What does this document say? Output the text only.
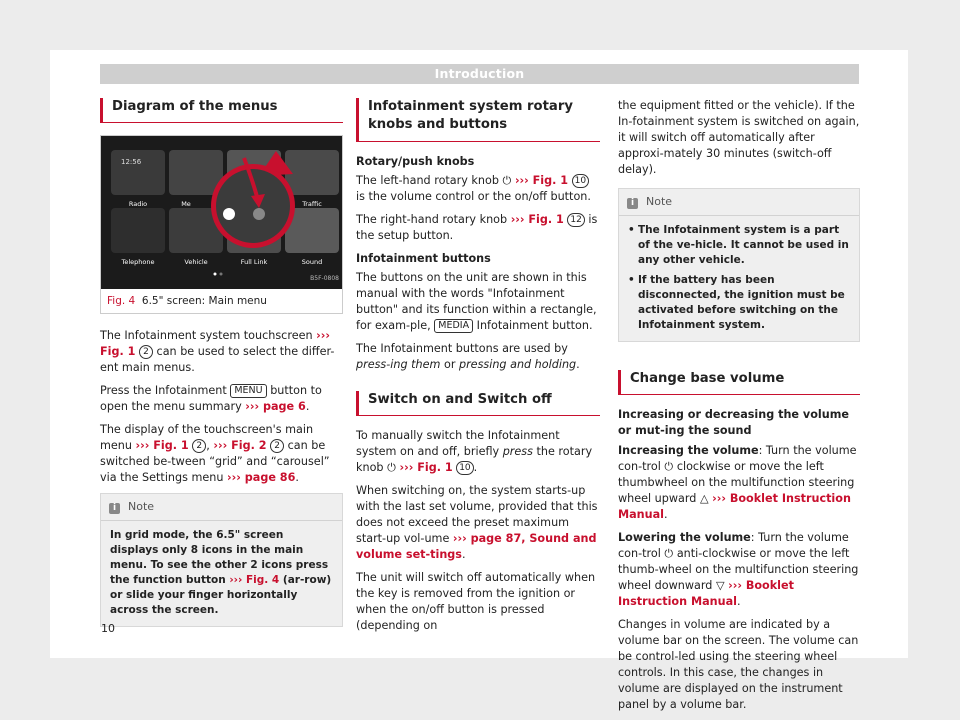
Introduction
Diagram of the menus
12:56
Radio	Me	Traffic
Telephone	Vehicle	Full Link	Sound
B5F-0808
Fig. 4 6.5" screen: Main menu

The Infotainment system touchscreen ››› Fig. 1 2 can be used to select the differ-ent main menus.

Press the Infotainment MENU button to open the menu summary ››› page 6.

The display of the touchscreen's main menu ››› Fig. 1 2 , ››› Fig. 2 2 can be switched be-tween “grid” and “carousel” via the Settings menu ››› page 86.

i Note
In grid mode, the 6.5" screen displays only 8 icons in the main menu. To see the other 2 icons press the function button ››› Fig. 4 (ar-row) or slide your finger horizontally across the screen.
Infotainment system rotary knobs and buttons
Rotary/push knobs

The left-hand rotary knob ⏻ ››› Fig. 1 10 is the volume control or the on/off button.

The right-hand rotary knob ››› Fig. 1 12 is the setup button.

Infotainment buttons

The buttons on the unit are shown in this manual with the words "Infotainment button" and its function within a rectangle, for exam-ple, MEDIA Infotainment button.

The Infotainment buttons are used by press-ing them or pressing and holding.

Switch on and Switch off

To manually switch the Infotainment system on and off, briefly press the rotary knob ⏻ ››› Fig. 1 10 .

When switching on, the system starts-up with the last set volume, provided that this does not exceed the preset maximum start-up vol-ume ››› page 87, Sound and volume set-tings.

The unit will switch off automatically when the key is removed from the ignition or when the on/off button is pressed (depending on

the equipment fitted or the vehicle). If the In-fotainment system is switched on again, it will switch off automatically after approxi-mately 30 minutes (switch-off delay).

i Note

• The Infotainment system is a part of the ve-hicle. It cannot be used in any other vehicle.

• If the battery has been disconnected, the ignition must be activated before switching on the Infotainment system.

Change base volume
Increasing or decreasing the volume or mut-ing the sound

Increasing the volume: Turn the volume con-trol ⏻ clockwise or move the left thumbwheel on the multifunction steering wheel upward △ ››› Booklet Instruction Manual.

Lowering the volume: Turn the volume con-trol ⏻ anti-clockwise or move the left thumb-wheel on the multifunction steering wheel downward ▽ ››› Booklet Instruction Manual.

Changes in volume are indicated by a volume bar on the screen. The volume can be control-led using the steering wheel controls. In this case, the changes in volume are displayed on the instrument panel by a volume bar.

10
